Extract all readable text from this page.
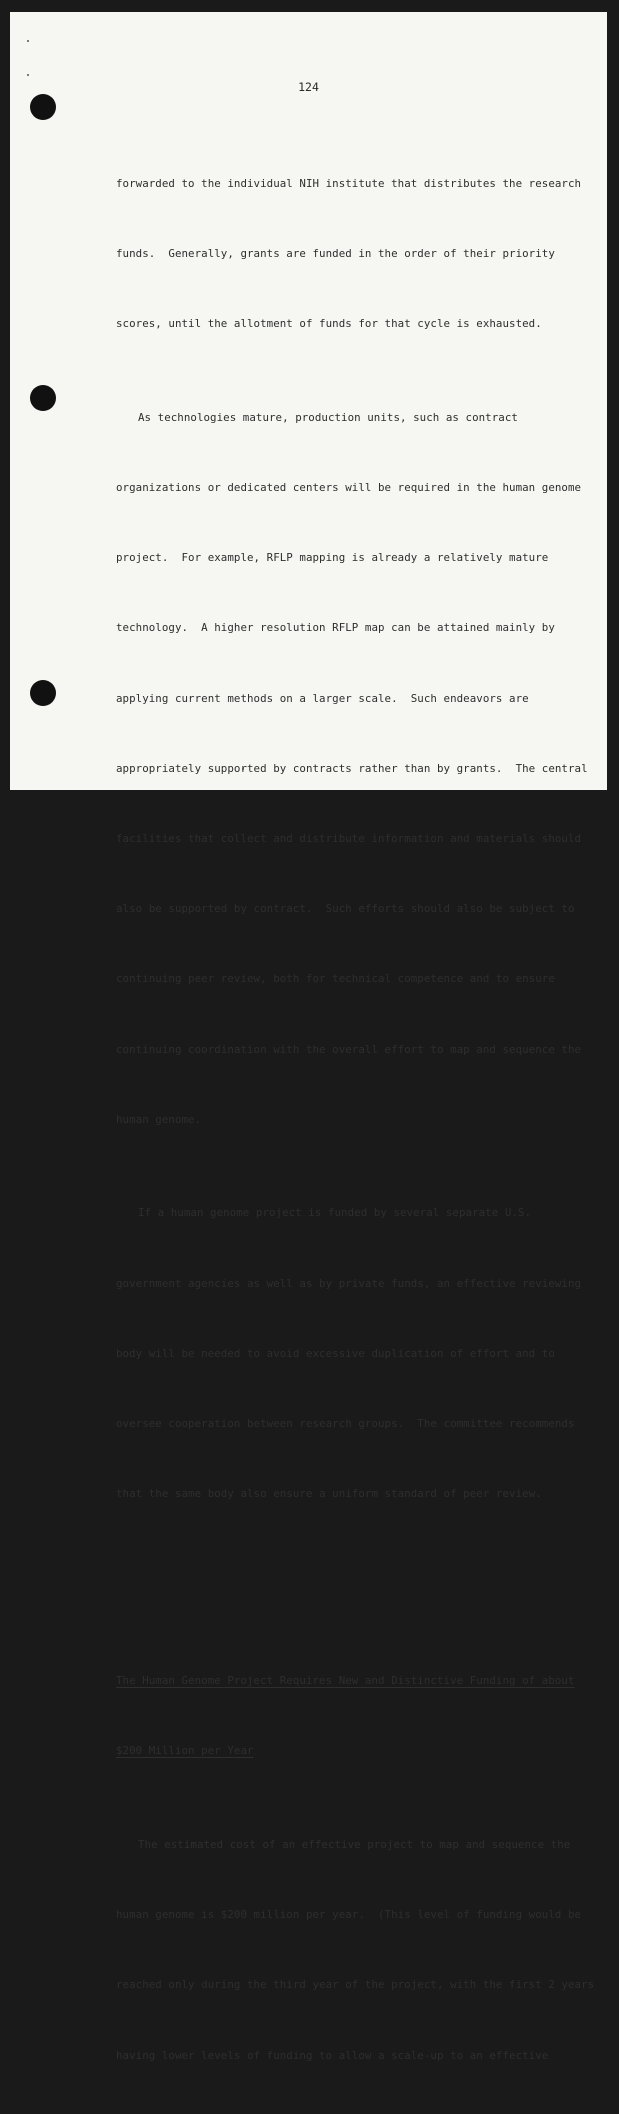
124

forwarded to the individual NIH institute that distributes the research

funds.  Generally, grants are funded in the order of their priority

scores, until the allotment of funds for that cycle is exhausted.

As technologies mature, production units, such as contract

organizations or dedicated centers will be required in the human genome

project.  For example, RFLP mapping is already a relatively mature

technology.  A higher resolution RFLP map can be attained mainly by

applying current methods on a larger scale.  Such endeavors are

appropriately supported by contracts rather than by grants.  The central

facilities that collect and distribute information and materials should

also be supported by contract.  Such efforts should also be subject to

continuing peer review, both for technical competence and to ensure

continuing coordination with the overall effort to map and sequence the

human genome.

If a human genome project is funded by several separate U.S.

government agencies as well as by private funds, an effective reviewing

body will be needed to avoid excessive duplication of effort and to

oversee cooperation between research groups.  The committee recommends

that the same body also ensure a uniform standard of peer review.

The Human Genome Project Requires New and Distinctive Funding of about

$200 Million per Year

The estimated cost of an effective project to map and sequence the

human genome is $200 million per year.  (This level of funding would be

reached only during the third year of the project, with the first 2 years

having lower levels of funding to allow a scale-up to an effective
